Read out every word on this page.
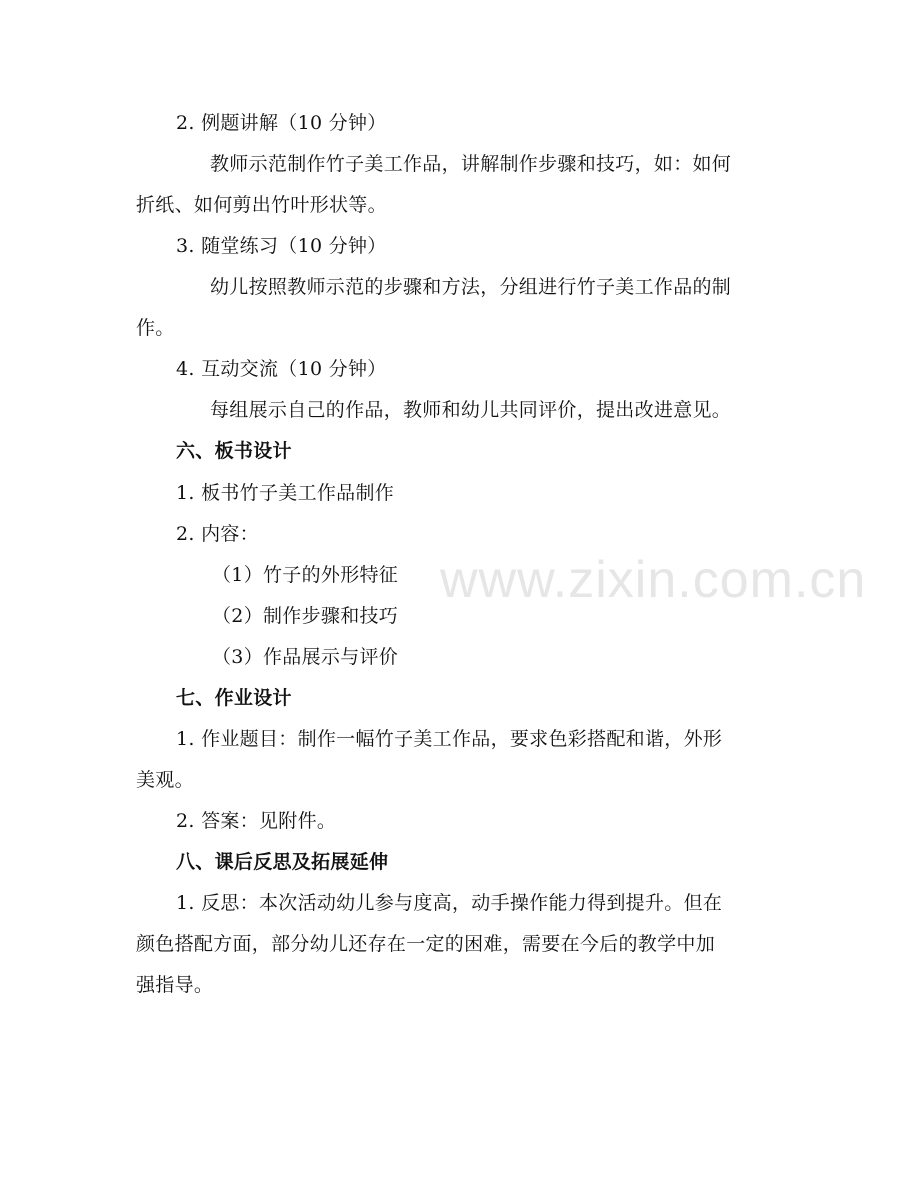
www.zixin.com.cn
2. 例题讲解（10 分钟）
教师示范制作竹子美工作品，讲解制作步骤和技巧，如：如何
折纸、如何剪出竹叶形状等。
3. 随堂练习（10 分钟）
幼儿按照教师示范的步骤和方法，分组进行竹子美工作品的制
作。
4. 互动交流（10 分钟）
每组展示自己的作品，教师和幼儿共同评价，提出改进意见。
六、板书设计
1. 板书竹子美工作品制作
2. 内容：
（1）竹子的外形特征
（2）制作步骤和技巧
（3）作品展示与评价
七、作业设计
1. 作业题目：制作一幅竹子美工作品，要求色彩搭配和谐，外形
美观。
2. 答案：见附件。
八、课后反思及拓展延伸
1. 反思：本次活动幼儿参与度高，动手操作能力得到提升。但在
颜色搭配方面，部分幼儿还存在一定的困难，需要在今后的教学中加
强指导。
